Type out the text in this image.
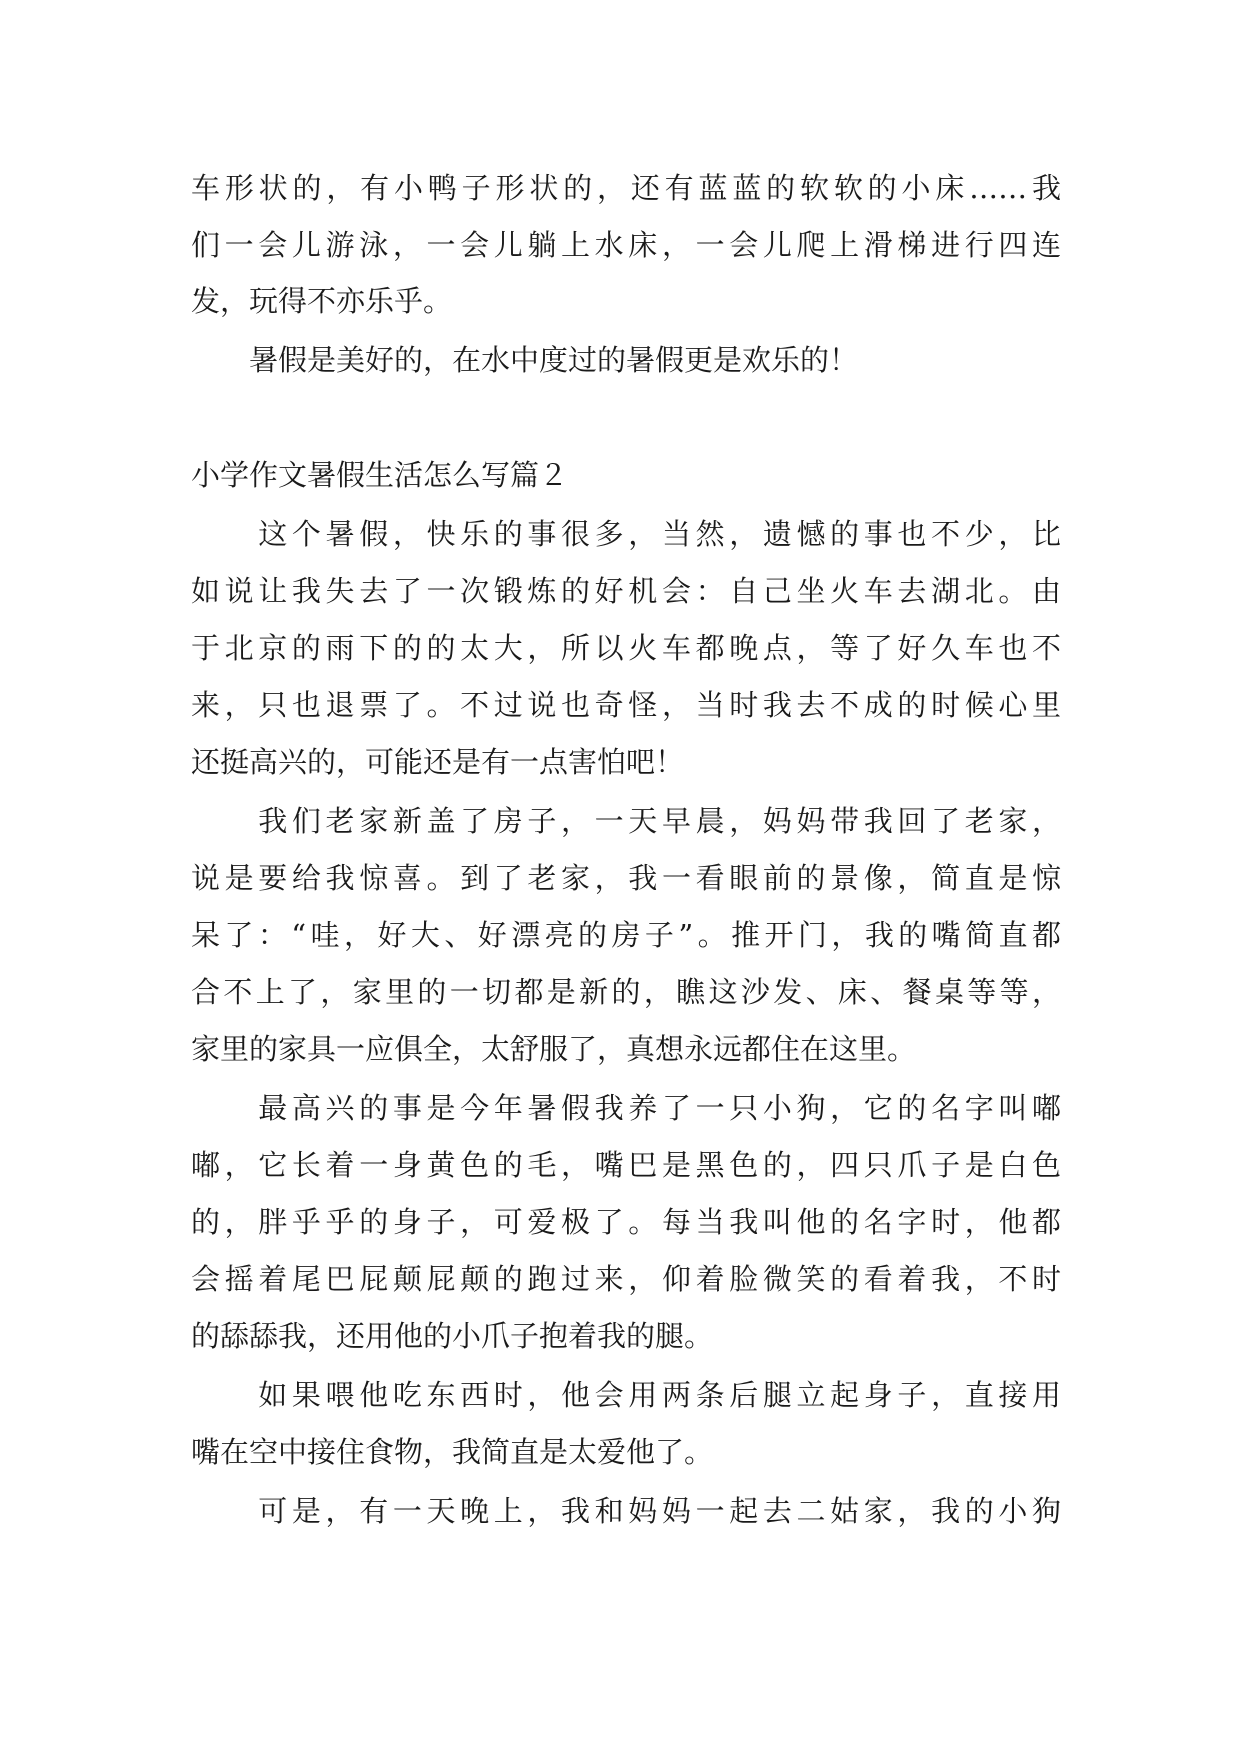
车形状的，有小鸭子形状的，还有蓝蓝的软软的小床……我
们一会儿游泳，一会儿躺上水床，一会儿爬上滑梯进行四连
发，玩得不亦乐乎。
　　暑假是美好的，在水中度过的暑假更是欢乐的！
小学作文暑假生活怎么写篇２
　　这个暑假，快乐的事很多，当然，遗憾的事也不少，比
如说让我失去了一次锻炼的好机会：自己坐火车去湖北。由
于北京的雨下的的太大，所以火车都晚点，等了好久车也不
来，只也退票了。不过说也奇怪，当时我去不成的时候心里
还挺高兴的，可能还是有一点害怕吧！
　　我们老家新盖了房子，一天早晨，妈妈带我回了老家，
说是要给我惊喜。到了老家，我一看眼前的景像，简直是惊
呆了：“哇，好大、好漂亮的房子”。推开门，我的嘴简直都
合不上了，家里的一切都是新的，瞧这沙发、床、餐桌等等，
家里的家具一应俱全，太舒服了，真想永远都住在这里。
　　最高兴的事是今年暑假我养了一只小狗，它的名字叫嘟
嘟，它长着一身黄色的毛，嘴巴是黑色的，四只爪子是白色
的，胖乎乎的身子，可爱极了。每当我叫他的名字时，他都
会摇着尾巴屁颠屁颠的跑过来，仰着脸微笑的看着我，不时
的舔舔我，还用他的小爪子抱着我的腿。
　　如果喂他吃东西时，他会用两条后腿立起身子，直接用
嘴在空中接住食物，我简直是太爱他了。
　　可是，有一天晚上，我和妈妈一起去二姑家，我的小狗
